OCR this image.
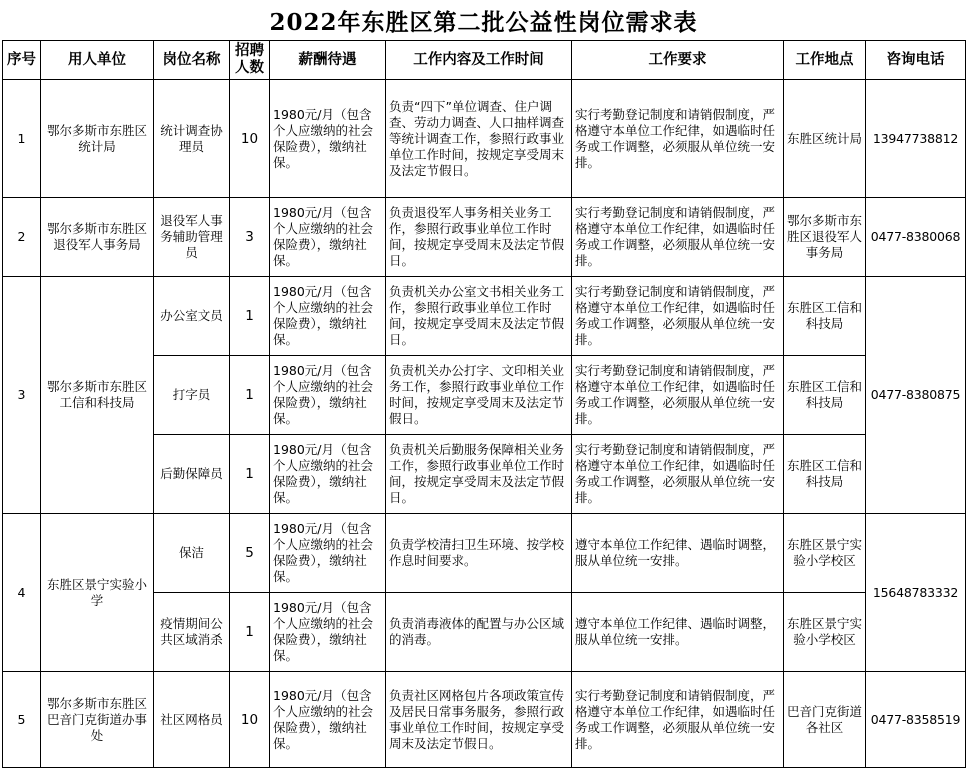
2022年东胜区第二批公益性岗位需求表
序号	用人单位	岗位名称	招聘人数	薪酬待遇	工作内容及工作时间	工作要求	工作地点	咨询电话
1	鄂尔多斯市东胜区统计局	统计调查协理员	10	1980元/月（包含个人应缴纳的社会保险费），缴纳社保。	负责“四下”单位调查、住户调查、劳动力调查、人口抽样调查等统计调查工作，参照行政事业单位工作时间，按规定享受周末及法定节假日。	实行考勤登记制度和请销假制度，严格遵守本单位工作纪律，如遇临时任务或工作调整，必须服从单位统一安排。	东胜区统计局	13947738812
2	鄂尔多斯市东胜区退役军人事务局	退役军人事务辅助管理员	3	1980元/月（包含个人应缴纳的社会保险费），缴纳社保。	负责退役军人事务相关业务工作，参照行政事业单位工作时间，按规定享受周末及法定节假日。	实行考勤登记制度和请销假制度，严格遵守本单位工作纪律，如遇临时任务或工作调整，必须服从单位统一安排。	鄂尔多斯市东胜区退役军人事务局	0477-8380068
3	鄂尔多斯市东胜区工信和科技局	办公室文员	1	1980元/月（包含个人应缴纳的社会保险费），缴纳社保。	负责机关办公室文书相关业务工作，参照行政事业单位工作时间，按规定享受周末及法定节假日。	实行考勤登记制度和请销假制度，严格遵守本单位工作纪律，如遇临时任务或工作调整，必须服从单位统一安排。	东胜区工信和科技局	0477-8380875
		打字员	1	1980元/月（包含个人应缴纳的社会保险费），缴纳社保。	负责机关办公打字、文印相关业务工作，参照行政事业单位工作时间，按规定享受周末及法定节假日。	实行考勤登记制度和请销假制度，严格遵守本单位工作纪律，如遇临时任务或工作调整，必须服从单位统一安排。	东胜区工信和科技局	
		后勤保障员	1	1980元/月（包含个人应缴纳的社会保险费），缴纳社保。	负责机关后勤服务保障相关业务工作，参照行政事业单位工作时间，按规定享受周末及法定节假日。	实行考勤登记制度和请销假制度，严格遵守本单位工作纪律，如遇临时任务或工作调整，必须服从单位统一安排。	东胜区工信和科技局	
4	东胜区景宁实验小学	保洁	5	1980元/月（包含个人应缴纳的社会保险费），缴纳社保。	负责学校清扫卫生环境、按学校作息时间要求。	遵守本单位工作纪律、遇临时调整，服从单位统一安排。	东胜区景宁实验小学校区	15648783332
		疫情期间公共区域消杀	1	1980元/月（包含个人应缴纳的社会保险费），缴纳社保。	负责消毒液体的配置与办公区域的消毒。	遵守本单位工作纪律、遇临时调整，服从单位统一安排。	东胜区景宁实验小学校区	
5	鄂尔多斯市东胜区巴音门克街道办事处	社区网格员	10	1980元/月（包含个人应缴纳的社会保险费），缴纳社保。	负责社区网格包片各项政策宣传及居民日常事务服务，参照行政事业单位工作时间，按规定享受周末及法定节假日。	实行考勤登记制度和请销假制度，严格遵守本单位工作纪律，如遇临时任务或工作调整，必须服从单位统一安排。	巴音门克街道各社区	0477-8358519
